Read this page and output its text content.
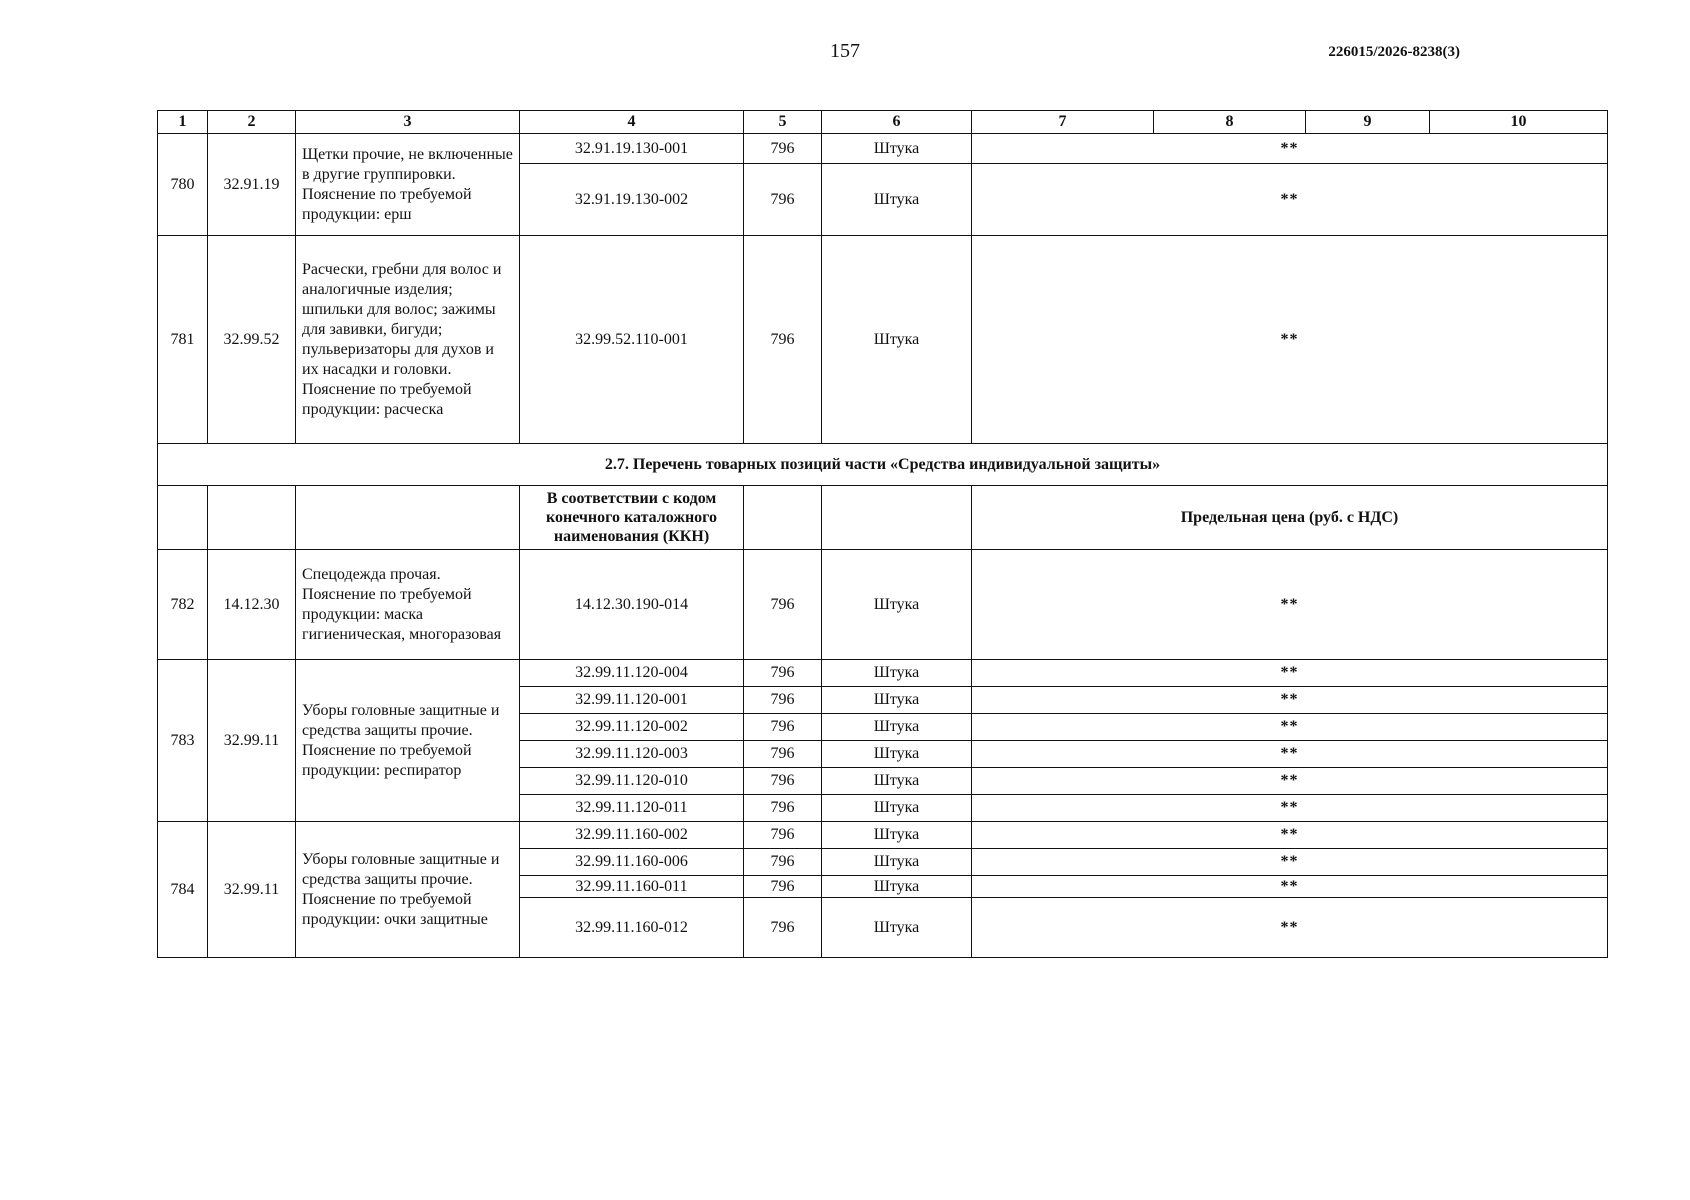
157	226015/2026-8238(3)
1	2	3	4	5	6	7	8	9	10
780	32.91.19	Щетки прочие, не включенные в другие группировки. Пояснение по требуемой продукции: ерш	32.91.19.130-001	796	Штука	**			
			32.91.19.130-002	796	Штука	**			
781	32.99.52	Расчески, гребни для волос и аналогичные изделия; шпильки для волос; зажимы для завивки, бигуди; пульверизаторы для духов и их насадки и головки. Пояснение по требуемой продукции: расческа	32.99.52.110-001	796	Штука	**			
2.7. Перечень товарных позиций части «Средства индивидуальной защиты»									
			В соответствии с кодом конечного каталожного наименования (ККН)			Предельная цена (руб. с НДС)			
782	14.12.30	Спецодежда прочая. Пояснение по требуемой продукции: маска гигиеническая, многоразовая	14.12.30.190-014	796	Штука	**			
783	32.99.11	Уборы головные защитные и средства защиты прочие. Пояснение по требуемой продукции: респиратор	32.99.11.120-004	796	Штука	**			
			32.99.11.120-001	796	Штука	**			
			32.99.11.120-002	796	Штука	**			
			32.99.11.120-003	796	Штука	**			
			32.99.11.120-010	796	Штука	**			
			32.99.11.120-011	796	Штука	**			
784	32.99.11	Уборы головные защитные и средства защиты прочие. Пояснение по требуемой продукции: очки защитные	32.99.11.160-002	796	Штука	**			
			32.99.11.160-006	796	Штука	**			
			32.99.11.160-011	796	Штука	**			
			32.99.11.160-012	796	Штука	**			
